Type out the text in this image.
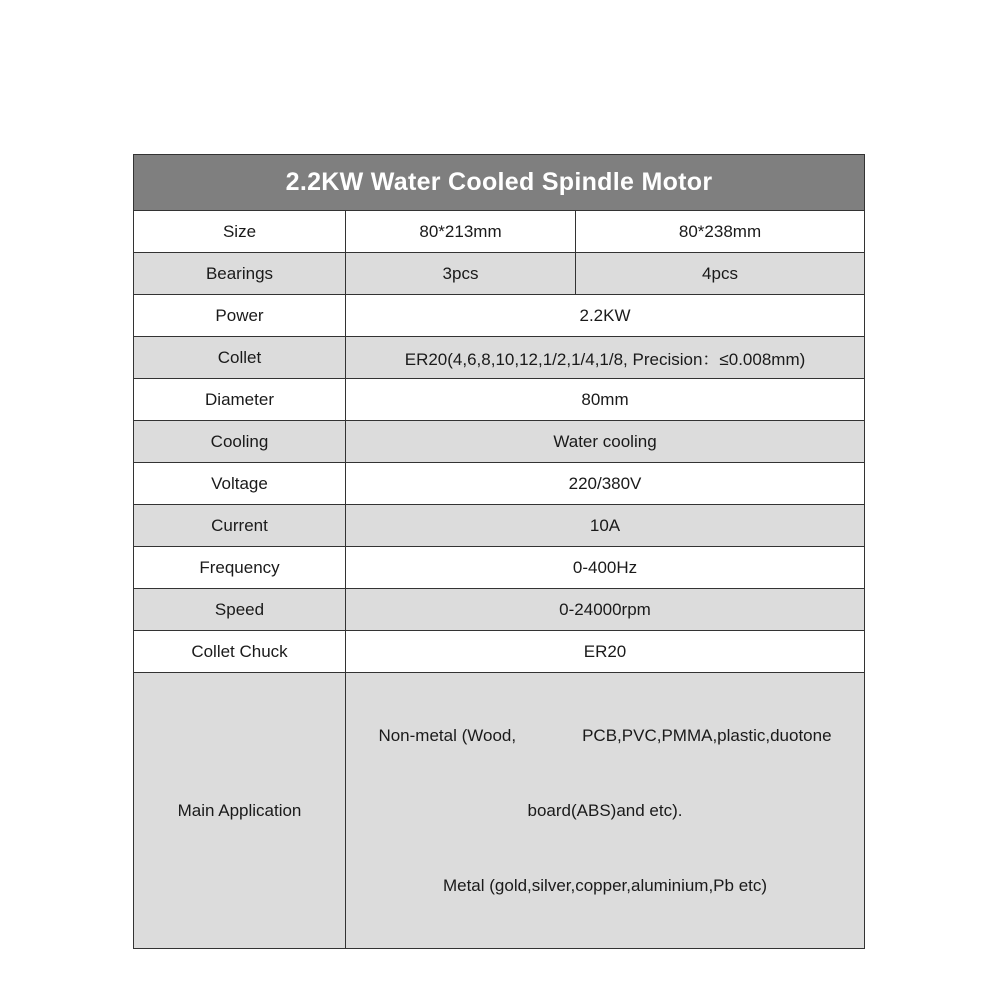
2.2KW Water Cooled Spindle Motor		
Size	80*213mm	80*238mm
Bearings	3pcs	4pcs
Power	2.2KW	
Collet	ER20(4,6,8,10,12,1/2,1/4,1/8, Precision：≤0.008mm)	
Diameter	80mm	
Cooling	Water cooling	
Voltage	220/380V	
Current	10A	
Frequency	0-400Hz	
Speed	0-24000rpm	
Collet Chuck	ER20	
Main Application	Non-metal (Wood, PCB,PVC,PMMA,plastic,duotone

board(ABS)and etc).

Metal (gold,silver,copper,aluminium,Pb etc)	
